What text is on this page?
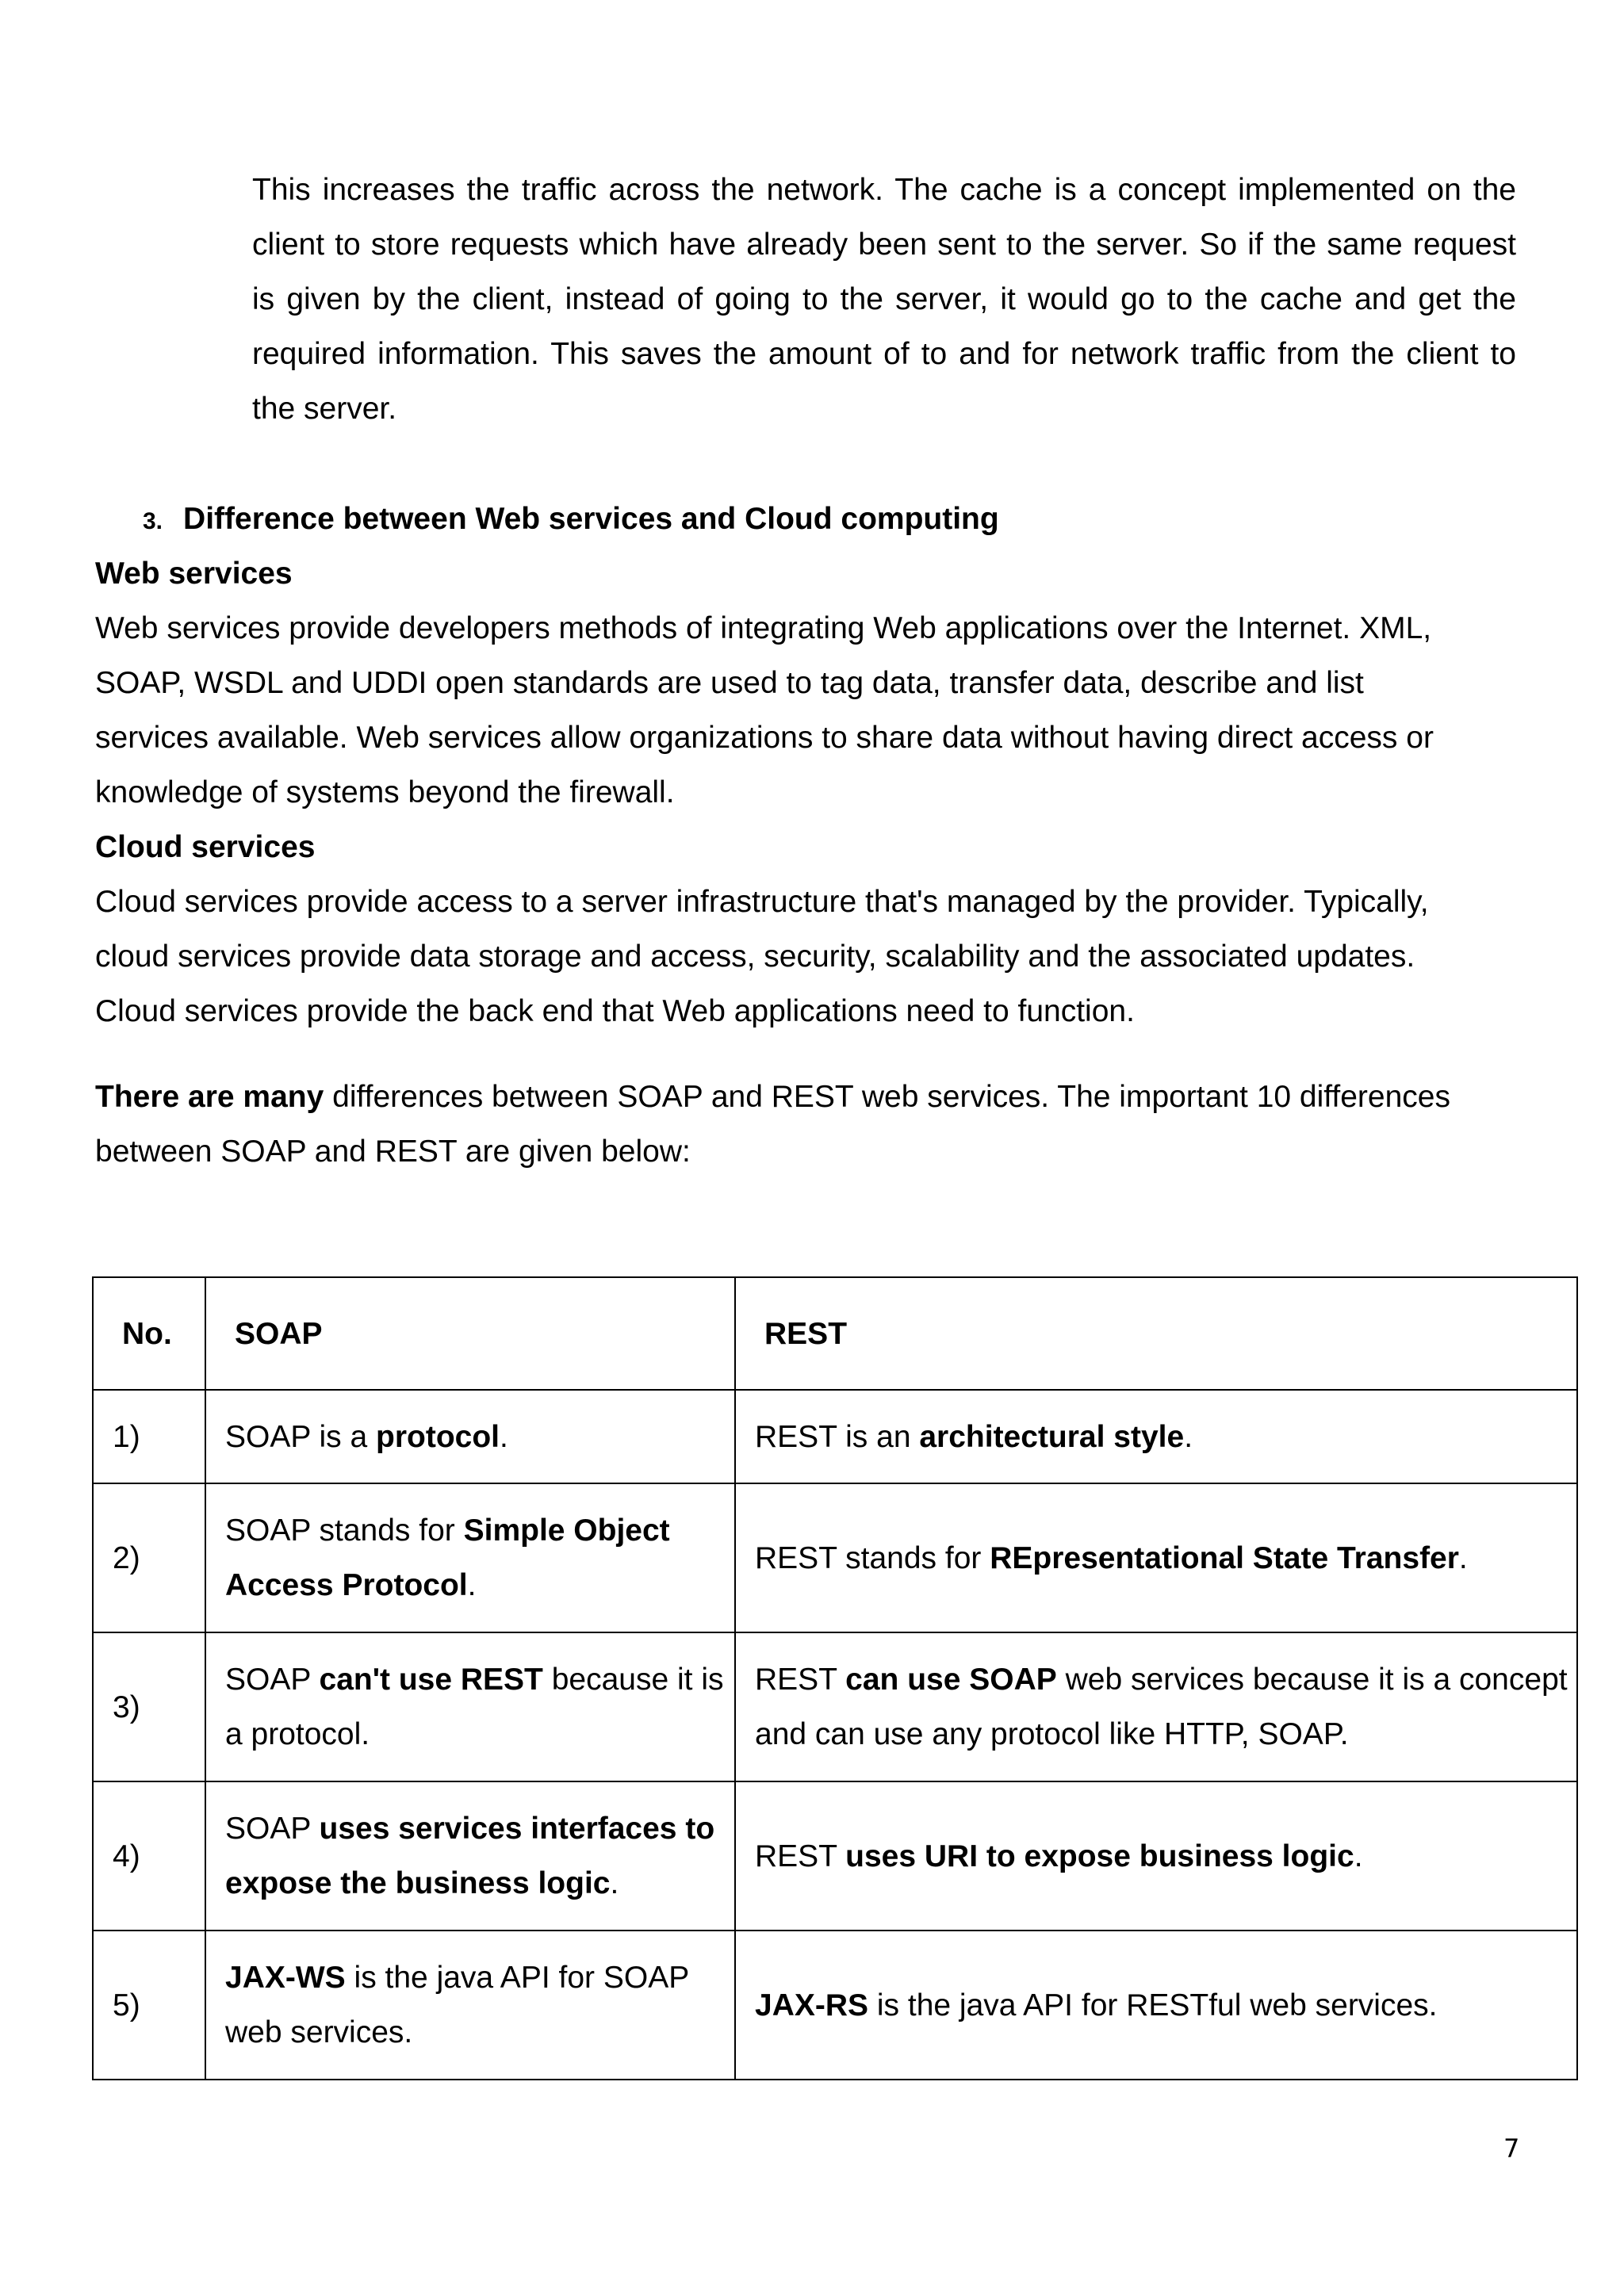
This increases the traffic across the network. The cache is a concept implemented on the client to store requests which have already been sent to the server. So if the same request is given by the client, instead of going to the server, it would go to the cache and get the required information. This saves the amount of to and for network traffic from the client to the server.

3. Difference between Web services and Cloud computing

Web services

Web services provide developers methods of integrating Web applications over the Internet. XML,

SOAP, WSDL and UDDI open standards are used to tag data, transfer data, describe and list

services available. Web services allow organizations to share data without having direct access or

knowledge of systems beyond the firewall.

Cloud services

Cloud services provide access to a server infrastructure that's managed by the provider. Typically,

cloud services provide data storage and access, security, scalability and the associated updates.

Cloud services provide the back end that Web applications need to function.

There are many differences between SOAP and REST web services. The important 10 differences

between SOAP and REST are given below:

No.	SOAP	REST
1)	SOAP is a protocol.	REST is an architectural style.
2)	SOAP stands for Simple Object Access Protocol.	REST stands for REpresentational State Transfer.
3)	SOAP can't use REST because it is a protocol.	REST can use SOAP web services because it is a concept and can use any protocol like HTTP, SOAP.
4)	SOAP uses services interfaces to expose the business logic.	REST uses URI to expose business logic.
5)	JAX-WS is the java API for SOAP web services.	JAX-RS is the java API for RESTful web services.
7
